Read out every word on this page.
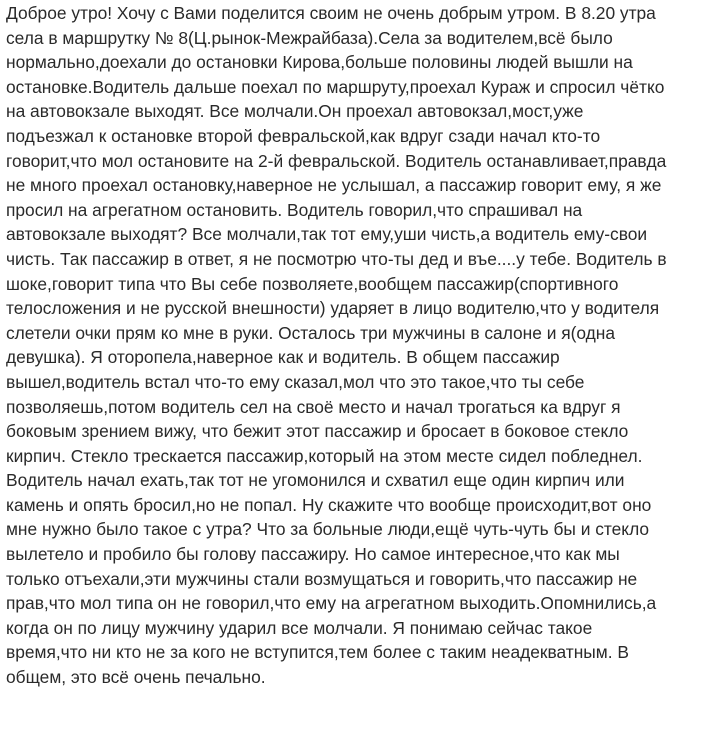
Доброе утро! Хочу с Вами поделится своим не очень добрым утром. В 8.20 утра
села в маршрутку № 8(Ц.рынок-Межрайбаза).Села за водителем,всё было
нормально,доехали до остановки Кирова,больше половины людей вышли на
остановке.Водитель дальше поехал по маршруту,проехал Кураж и спросил чётко
на автовокзале выходят. Все молчали.Он проехал автовокзал,мост,уже
подъезжал к остановке второй февральской,как вдруг сзади начал кто-то
говорит,что мол остановите на 2-й февральской. Водитель останавливает,правда
не много проехал остановку,наверное не услышал, а пассажир говорит ему, я же
просил на агрегатном остановить. Водитель говорил,что спрашивал на
автовокзале выходят? Все молчали,так тот ему,уши чисть,а водитель ему-свои
чисть. Так пассажир в ответ, я не посмотрю что-ты дед и въе....у тебе. Водитель в
шоке,говорит типа что Вы себе позволяете,вообщем пассажир(спортивного
телосложения и не русской внешности) ударяет в лицо водителю,что у водителя
слетели очки прям ко мне в руки. Осталось три мужчины в салоне и я(одна
девушка). Я оторопела,наверное как и водитель. В общем пассажир
вышел,водитель встал что-то ему сказал,мол что это такое,что ты себе
позволяешь,потом водитель сел на своё место и начал трогаться ка вдруг я
боковым зрением вижу, что бежит этот пассажир и бросает в боковое стекло
кирпич. Стекло трескается пассажир,который на этом месте сидел побледнел.
Водитель начал ехать,так тот не угомонился и схватил еще один кирпич или
камень и опять бросил,но не попал. Ну скажите что вообще происходит,вот оно
мне нужно было такое с утра? Что за больные люди,ещё чуть-чуть бы и стекло
вылетело и пробило бы голову пассажиру. Но самое интересное,что как мы
только отъехали,эти мужчины стали возмущаться и говорить,что пассажир не
прав,что мол типа он не говорил,что ему на агрегатном выходить.Опомнились,а
когда он по лицу мужчину ударил все молчали. Я понимаю сейчас такое
время,что ни кто не за кого не вступится,тем более с таким неадекватным. В
общем, это всё очень печально.
